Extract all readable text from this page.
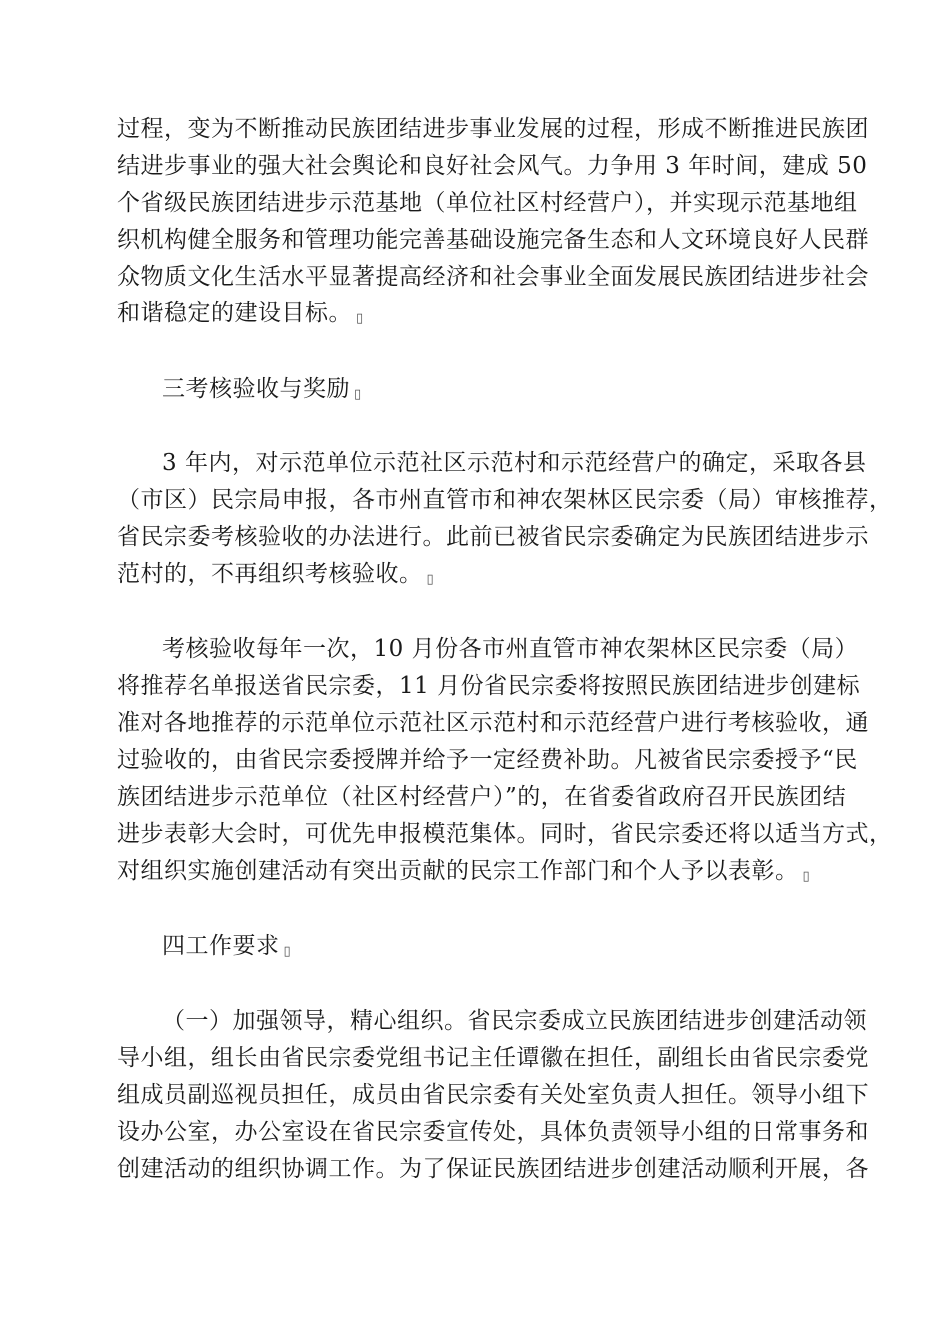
过程，变为不断推动民族团结进步事业发展的过程，形成不断推进民族团
结进步事业的强大社会舆论和良好社会风气。力争用 3 年时间，建成 50
个省级民族团结进步示范基地（单位社区村经营户），并实现示范基地组
织机构健全服务和管理功能完善基础设施完备生态和人文环境良好人民群
众物质文化生活水平显著提高经济和社会事业全面发展民族团结进步社会
和谐稳定的建设目标。 ▯
三考核验收与奖励 ▯
3 年内，对示范单位示范社区示范村和示范经营户的确定，采取各县
（市区）民宗局申报，各市州直管市和神农架林区民宗委（局）审核推荐，
省民宗委考核验收的办法进行。此前已被省民宗委确定为民族团结进步示
范村的，不再组织考核验收。 ▯
考核验收每年一次，10 月份各市州直管市神农架林区民宗委（局）
将推荐名单报送省民宗委，11 月份省民宗委将按照民族团结进步创建标
准对各地推荐的示范单位示范社区示范村和示范经营户进行考核验收，通
过验收的，由省民宗委授牌并给予一定经费补助。凡被省民宗委授予“民
族团结进步示范单位（社区村经营户）”的，在省委省政府召开民族团结
进步表彰大会时，可优先申报模范集体。同时，省民宗委还将以适当方式，
对组织实施创建活动有突出贡献的民宗工作部门和个人予以表彰。 ▯
四工作要求 ▯
（一）加强领导，精心组织。省民宗委成立民族团结进步创建活动领
导小组，组长由省民宗委党组书记主任谭徽在担任，副组长由省民宗委党
组成员副巡视员担任，成员由省民宗委有关处室负责人担任。领导小组下
设办公室，办公室设在省民宗委宣传处，具体负责领导小组的日常事务和
创建活动的组织协调工作。为了保证民族团结进步创建活动顺利开展，各
